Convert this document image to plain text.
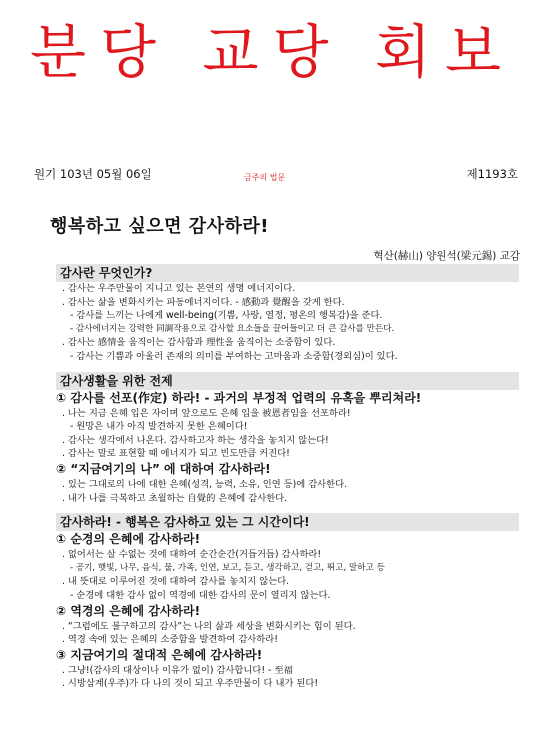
분당 교당 회보
원기 103년 05월 06일	금주의 법문	제1193호
행복하고 싶으면 감사하라!
혁산(赫山) 양원석(梁元錫) 교감
감사란 무엇인가?
. 감사는 우주만물이 지니고 있는 본연의 생명 에너지이다.
. 감사는 삶을 변화시키는 파동에너지이다. - 感動과 覺醒을 갖게 한다.
- 감사를 느끼는 나에게 well-being(기쁨, 사랑, 열정, 평온의 행복감)을 준다.
- 감사에너지는 강력한 同調작용으로 감사할 요소들을 끌어들이고 더 큰 감사를 만든다.
. 감사는 感情을 움직이는 감사함과 理性을 움직이는 소중함이 있다.
- 감사는 기쁨과 아울러 존재의 의미를 부여하는 고마움과 소중함(경외심)이 있다.
감사생활을 위한 전제
① 감사를 선포(作定) 하라! - 과거의 부정적 업력의 유혹을 뿌리쳐라!
. 나는 지금 은혜 입은 자이며 앞으로도 은혜 입을 被恩者임을 선포하라!
- 원망은 내가 아직 발견하지 못한 은혜이다!
. 감사는 생각에서 나온다. 감사하고자 하는 생각을 놓치지 않는다!
. 감사는 말로 표현할 때 에너지가 되고 빈도만큼 커진다!
② “지금여기의 나” 에 대하여 감사하라!
. 있는 그대로의 나에 대한 은혜(성격, 능력, 소유, 인연 등)에 감사한다.
. 내가 나를 극복하고 초월하는 自覺的 은혜에 감사한다.
감사하라! - 행복은 감사하고 있는 그 시간이다!
① 순경의 은혜에 감사하라!
. 없어서는 살 수없는 것에 대하여 순간순간(거듭거듭) 감사하라!
- 공기, 햇빛, 나무, 음식, 물, 가족, 인연, 보고, 듣고, 생각하고, 걷고, 뛰고, 말하고 등
. 내 뜻대로 이루어진 것에 대하여 감사를 놓치지 않는다.
- 순경에 대한 감사 없이 역경에 대한 감사의 문이 열리지 않는다.
② 역경의 은혜에 감사하라!
. “그럼에도 불구하고의 감사”는 나의 삶과 세상을 변화시키는 힘이 된다.
. 역경 속에 있는 은혜의 소중함을 발견하여 감사하라!
③ 지금여기의 절대적 은혜에 감사하라!
. 그냥!(감사의 대상이나 이유가 없이) 감사합니다! - 至福
. 시방삼계(우주)가 다 나의 것이 되고 우주만물이 다 내가 된다!
